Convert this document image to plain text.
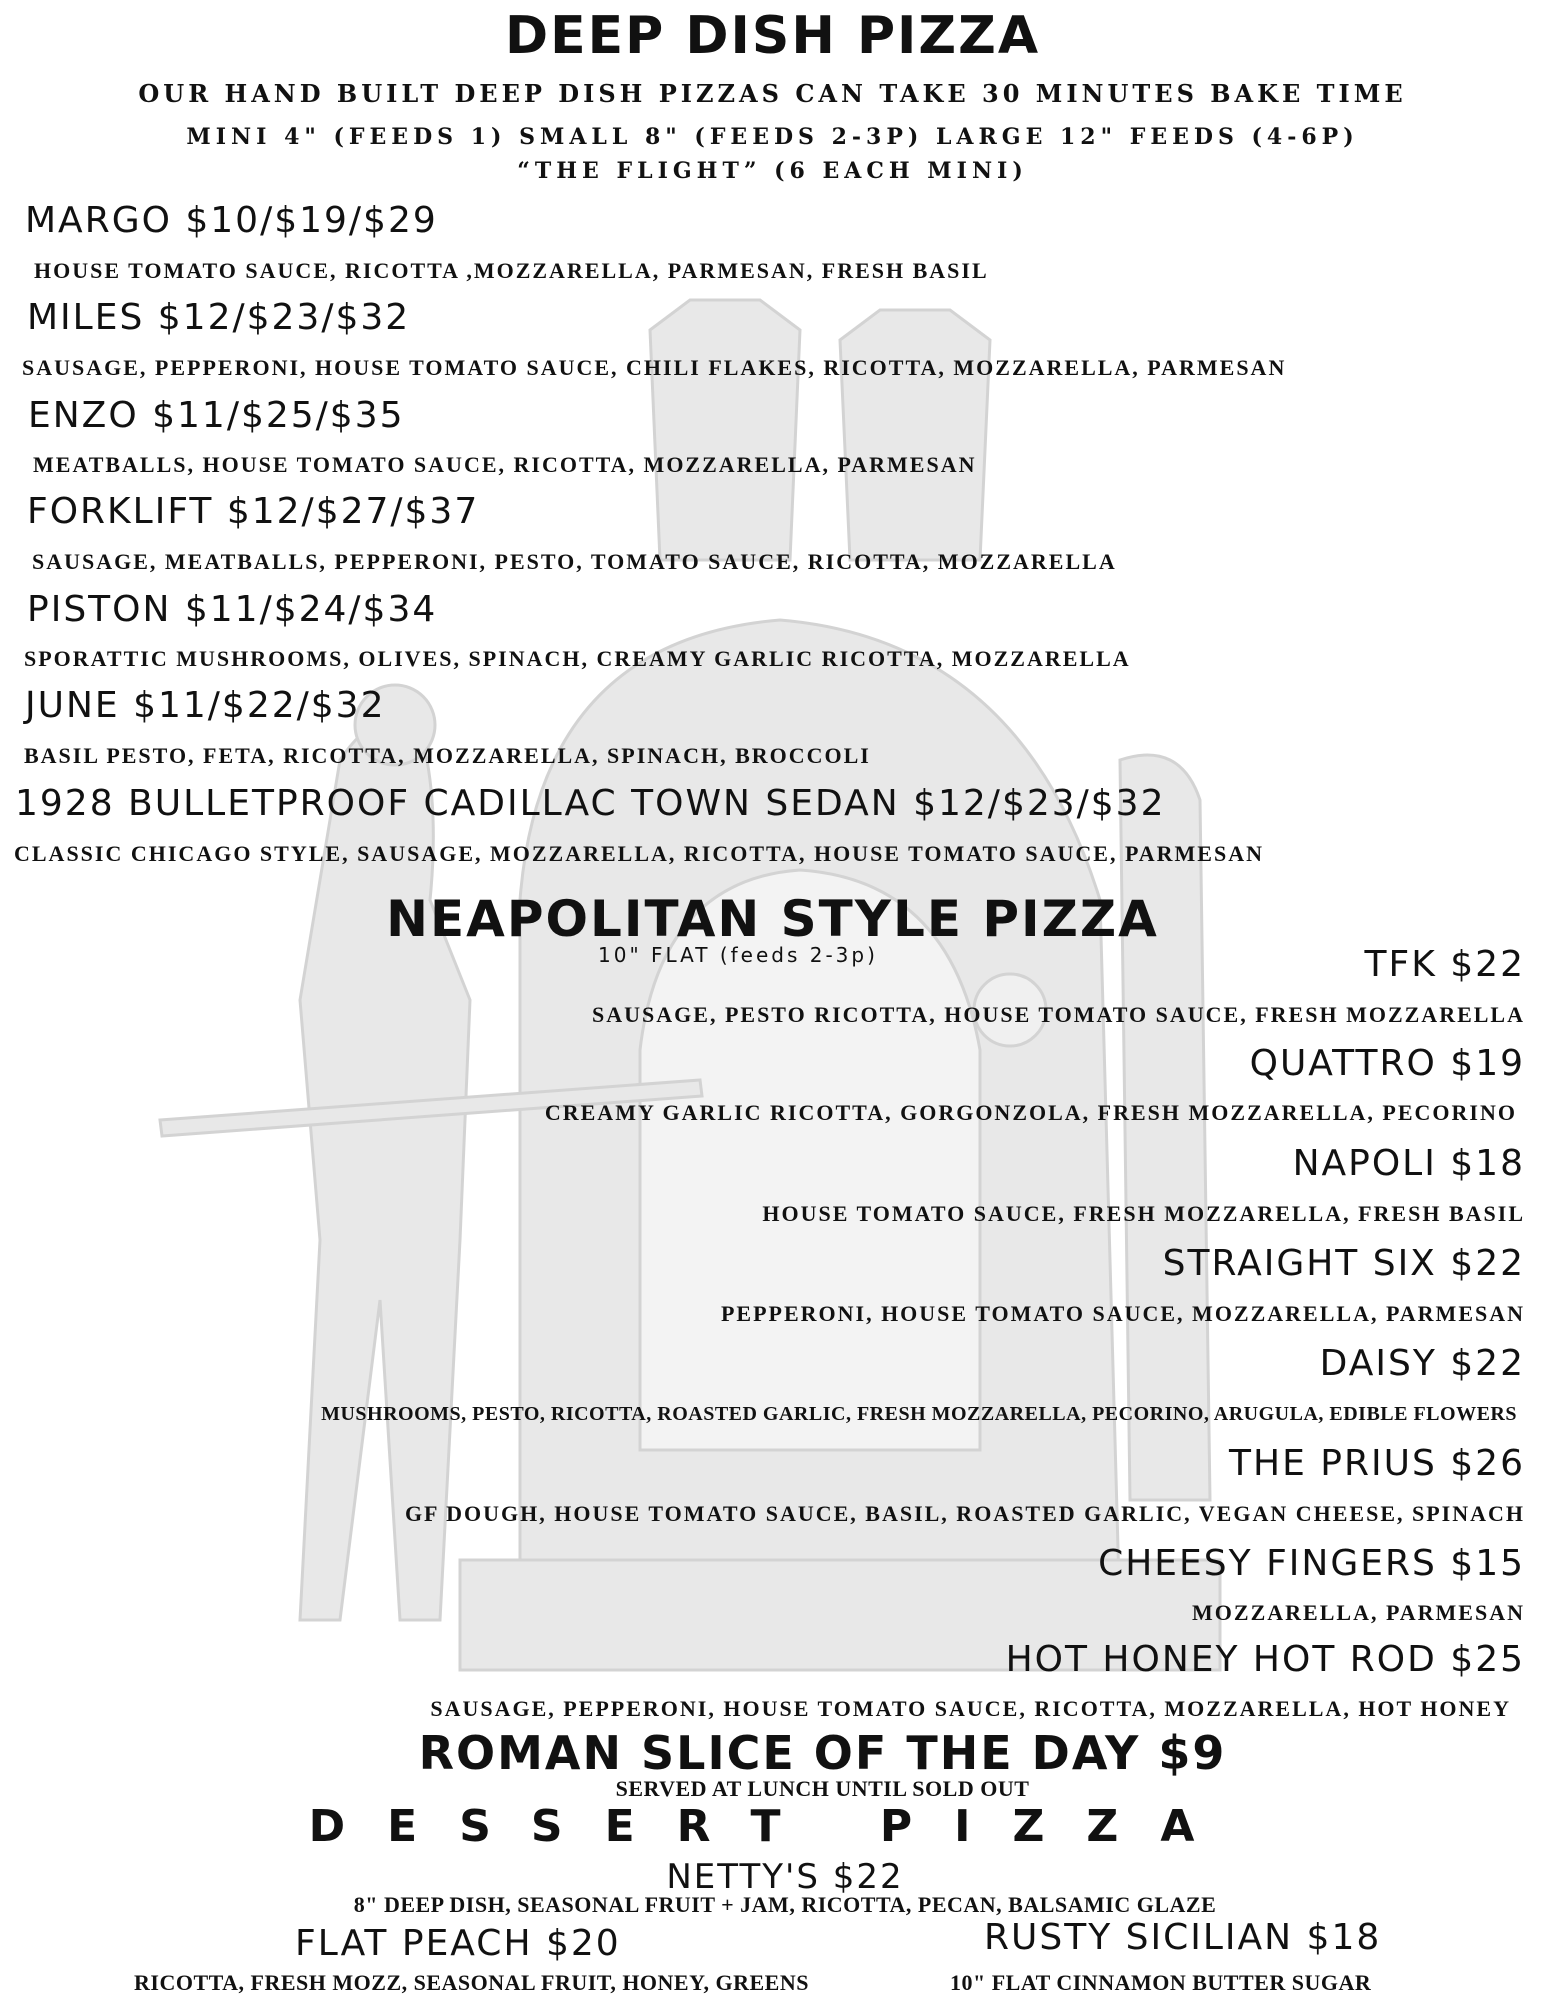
DEEP DISH PIZZA
OUR HAND BUILT DEEP DISH PIZZAS CAN TAKE 30 MINUTES BAKE TIME
MINI 4" (FEEDS 1) SMALL 8" (FEEDS 2-3P) LARGE 12" FEEDS (4-6P)
“THE FLIGHT” (6 EACH MINI)
MARGO $10/$19/$29
HOUSE TOMATO SAUCE, RICOTTA ,MOZZARELLA, PARMESAN, FRESH BASIL
MILES $12/$23/$32
SAUSAGE, PEPPERONI, HOUSE TOMATO SAUCE, CHILI FLAKES, RICOTTA, MOZZARELLA, PARMESAN
ENZO $11/$25/$35
MEATBALLS, HOUSE TOMATO SAUCE, RICOTTA, MOZZARELLA, PARMESAN
FORKLIFT $12/$27/$37
SAUSAGE, MEATBALLS, PEPPERONI, PESTO, TOMATO SAUCE, RICOTTA, MOZZARELLA
PISTON $11/$24/$34
SPORATTIC MUSHROOMS, OLIVES, SPINACH, CREAMY GARLIC RICOTTA, MOZZARELLA
JUNE $11/$22/$32
BASIL PESTO, FETA, RICOTTA, MOZZARELLA, SPINACH, BROCCOLI
1928 BULLETPROOF CADILLAC TOWN SEDAN $12/$23/$32
CLASSIC CHICAGO STYLE, SAUSAGE, MOZZARELLA, RICOTTA, HOUSE TOMATO SAUCE, PARMESAN
NEAPOLITAN STYLE PIZZA
10" FLAT (feeds 2-3p)	TFK $22
SAUSAGE, PESTO RICOTTA, HOUSE TOMATO SAUCE, FRESH MOZZARELLA
QUATTRO $19
CREAMY GARLIC RICOTTA, GORGONZOLA, FRESH MOZZARELLA, PECORINO
NAPOLI $18
HOUSE TOMATO SAUCE, FRESH MOZZARELLA, FRESH BASIL
STRAIGHT SIX $22
PEPPERONI, HOUSE TOMATO SAUCE, MOZZARELLA, PARMESAN
DAISY $22
MUSHROOMS, PESTO, RICOTTA, ROASTED GARLIC, FRESH MOZZARELLA, PECORINO, ARUGULA, EDIBLE FLOWERS
THE PRIUS $26
GF DOUGH, HOUSE TOMATO SAUCE, BASIL, ROASTED GARLIC, VEGAN CHEESE, SPINACH
CHEESY FINGERS $15
MOZZARELLA, PARMESAN
HOT HONEY HOT ROD $25
SAUSAGE, PEPPERONI, HOUSE TOMATO SAUCE, RICOTTA, MOZZARELLA, HOT HONEY
ROMAN SLICE OF THE DAY $9
SERVED AT LUNCH UNTIL SOLD OUT
DESSERT PIZZA
NETTY'S $22
8" DEEP DISH, SEASONAL FRUIT + JAM, RICOTTA, PECAN, BALSAMIC GLAZE
FLAT PEACH $20
RICOTTA, FRESH MOZZ, SEASONAL FRUIT, HONEY, GREENS
RUSTY SICILIAN $18
10" FLAT CINNAMON BUTTER SUGAR
